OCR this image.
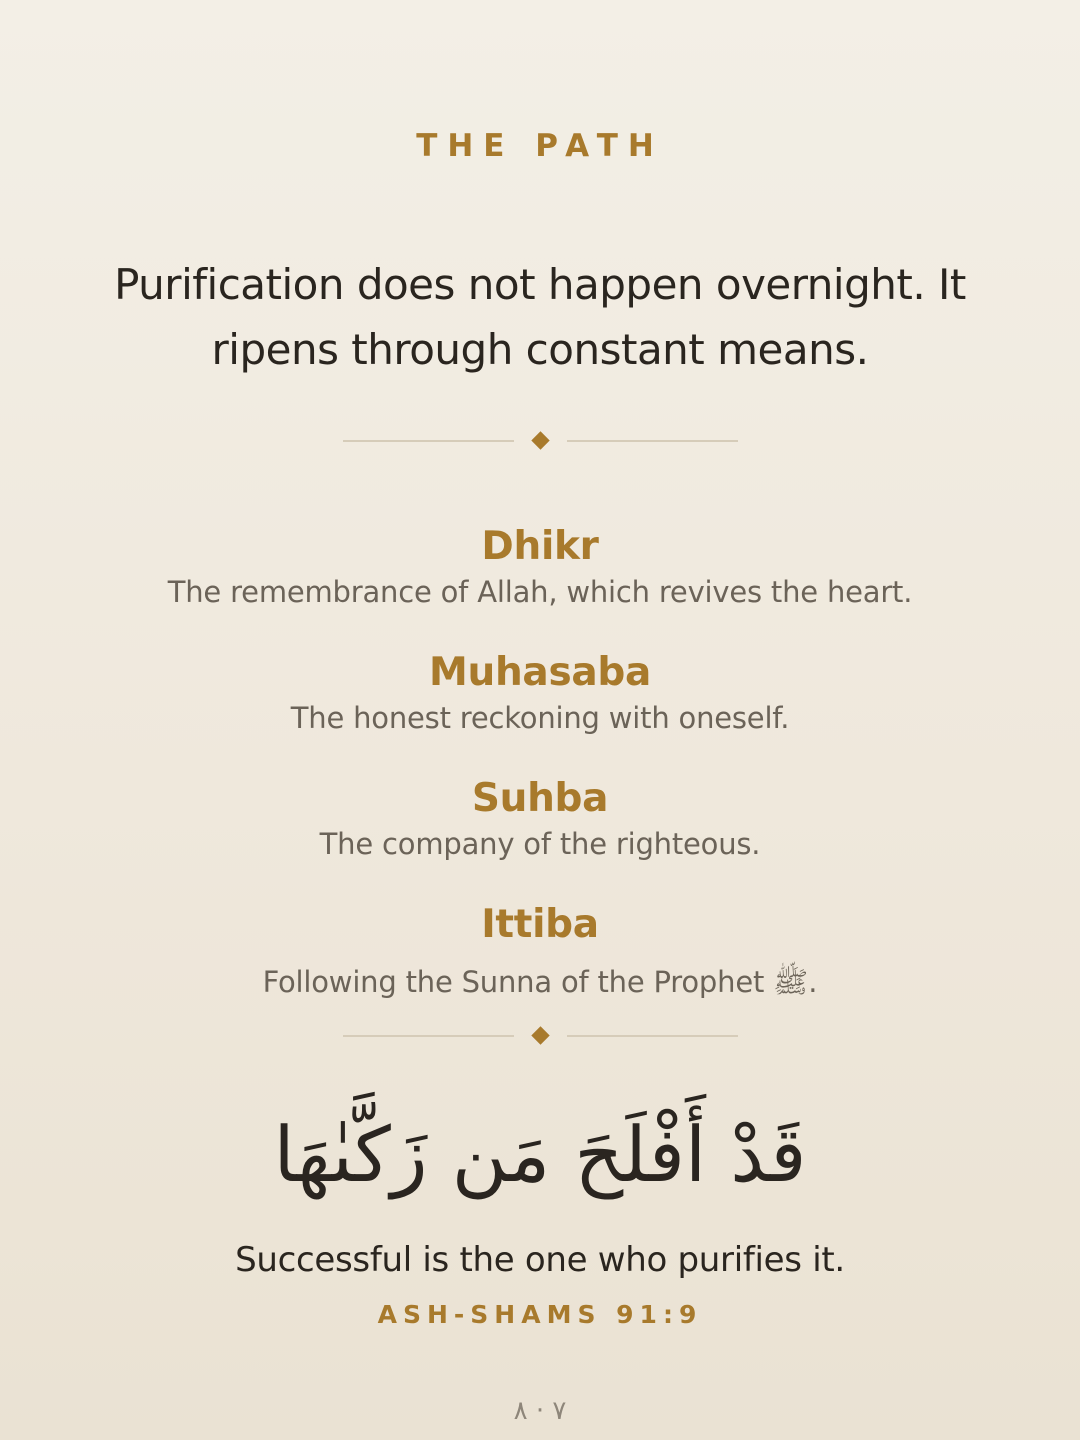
THE PATH
Purification does not happen overnight. It ripens through constant means.
Dhikr
The remembrance of Allah, which revives the heart.
Muhasaba
The honest reckoning with oneself.
Suhba
The company of the righteous.
Ittiba
Following the Sunna of the Prophet ﷺ.
قَدْ أَفْلَحَ مَن زَكَّىٰهَا
Successful is the one who purifies it.
ASH-SHAMS 91:9
٧ · ٨
